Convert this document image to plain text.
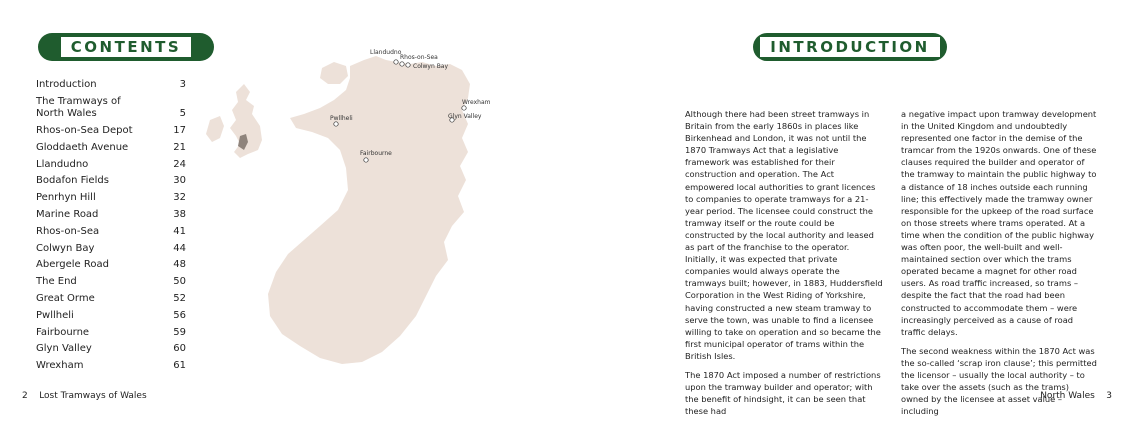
CONTENTS
Introduction	3
The Tramways of North Wales	5
Rhos-on-Sea Depot	17
Gloddaeth Avenue	21
Llandudno	24
Bodafon Fields	30
Penrhyn Hill	32
Marine Road	38
Rhos-on-Sea	41
Colwyn Bay	44
Abergele Road	48
The End	50
Great Orme	52
Pwllheli	56
Fairbourne	59
Glyn Valley	60
Wrexham	61
Llandudno
Rhos-on-Sea
Colwyn Bay
Wrexham
Glyn Valley
Pwllheli
Fairbourne
2 Lost Tramways of Wales
INTRODUCTION

Although there had been street tramways in Britain from the early 1860s in places like Birkenhead and London, it was not until the 1870 Tramways Act that a legislative framework was established for their construction and operation. The Act empowered local authorities to grant licences to companies to operate tramways for a 21-year period. The licensee could construct the tramway itself or the route could be constructed by the local authority and leased as part of the franchise to the operator. Initially, it was expected that private companies would always operate the tramways built; however, in 1883, Huddersfield Corporation in the West Riding of Yorkshire, having constructed a new steam tramway to serve the town, was unable to find a licensee willing to take on operation and so became the first municipal operator of trams within the British Isles.

The 1870 Act imposed a number of restrictions upon the tramway builder and operator; with the benefit of hindsight, it can be seen that these had

a negative impact upon tramway development in the United Kingdom and undoubtedly represented one factor in the demise of the tramcar from the 1920s onwards. One of these clauses required the builder and operator of the tramway to maintain the public highway to a distance of 18 inches outside each running line; this effectively made the tramway owner responsible for the upkeep of the road surface on those streets where trams operated. At a time when the condition of the public highway was often poor, the well-built and well-maintained section over which the trams operated became a magnet for other road users. As road traffic increased, so trams – despite the fact that the road had been constructed to accommodate them – were increasingly perceived as a cause of road traffic delays.

The second weakness within the 1870 Act was the so-called ‘scrap iron clause’; this permitted the licensor – usually the local authority – to take over the assets (such as the trams) owned by the licensee at asset value – including

North Wales 3
